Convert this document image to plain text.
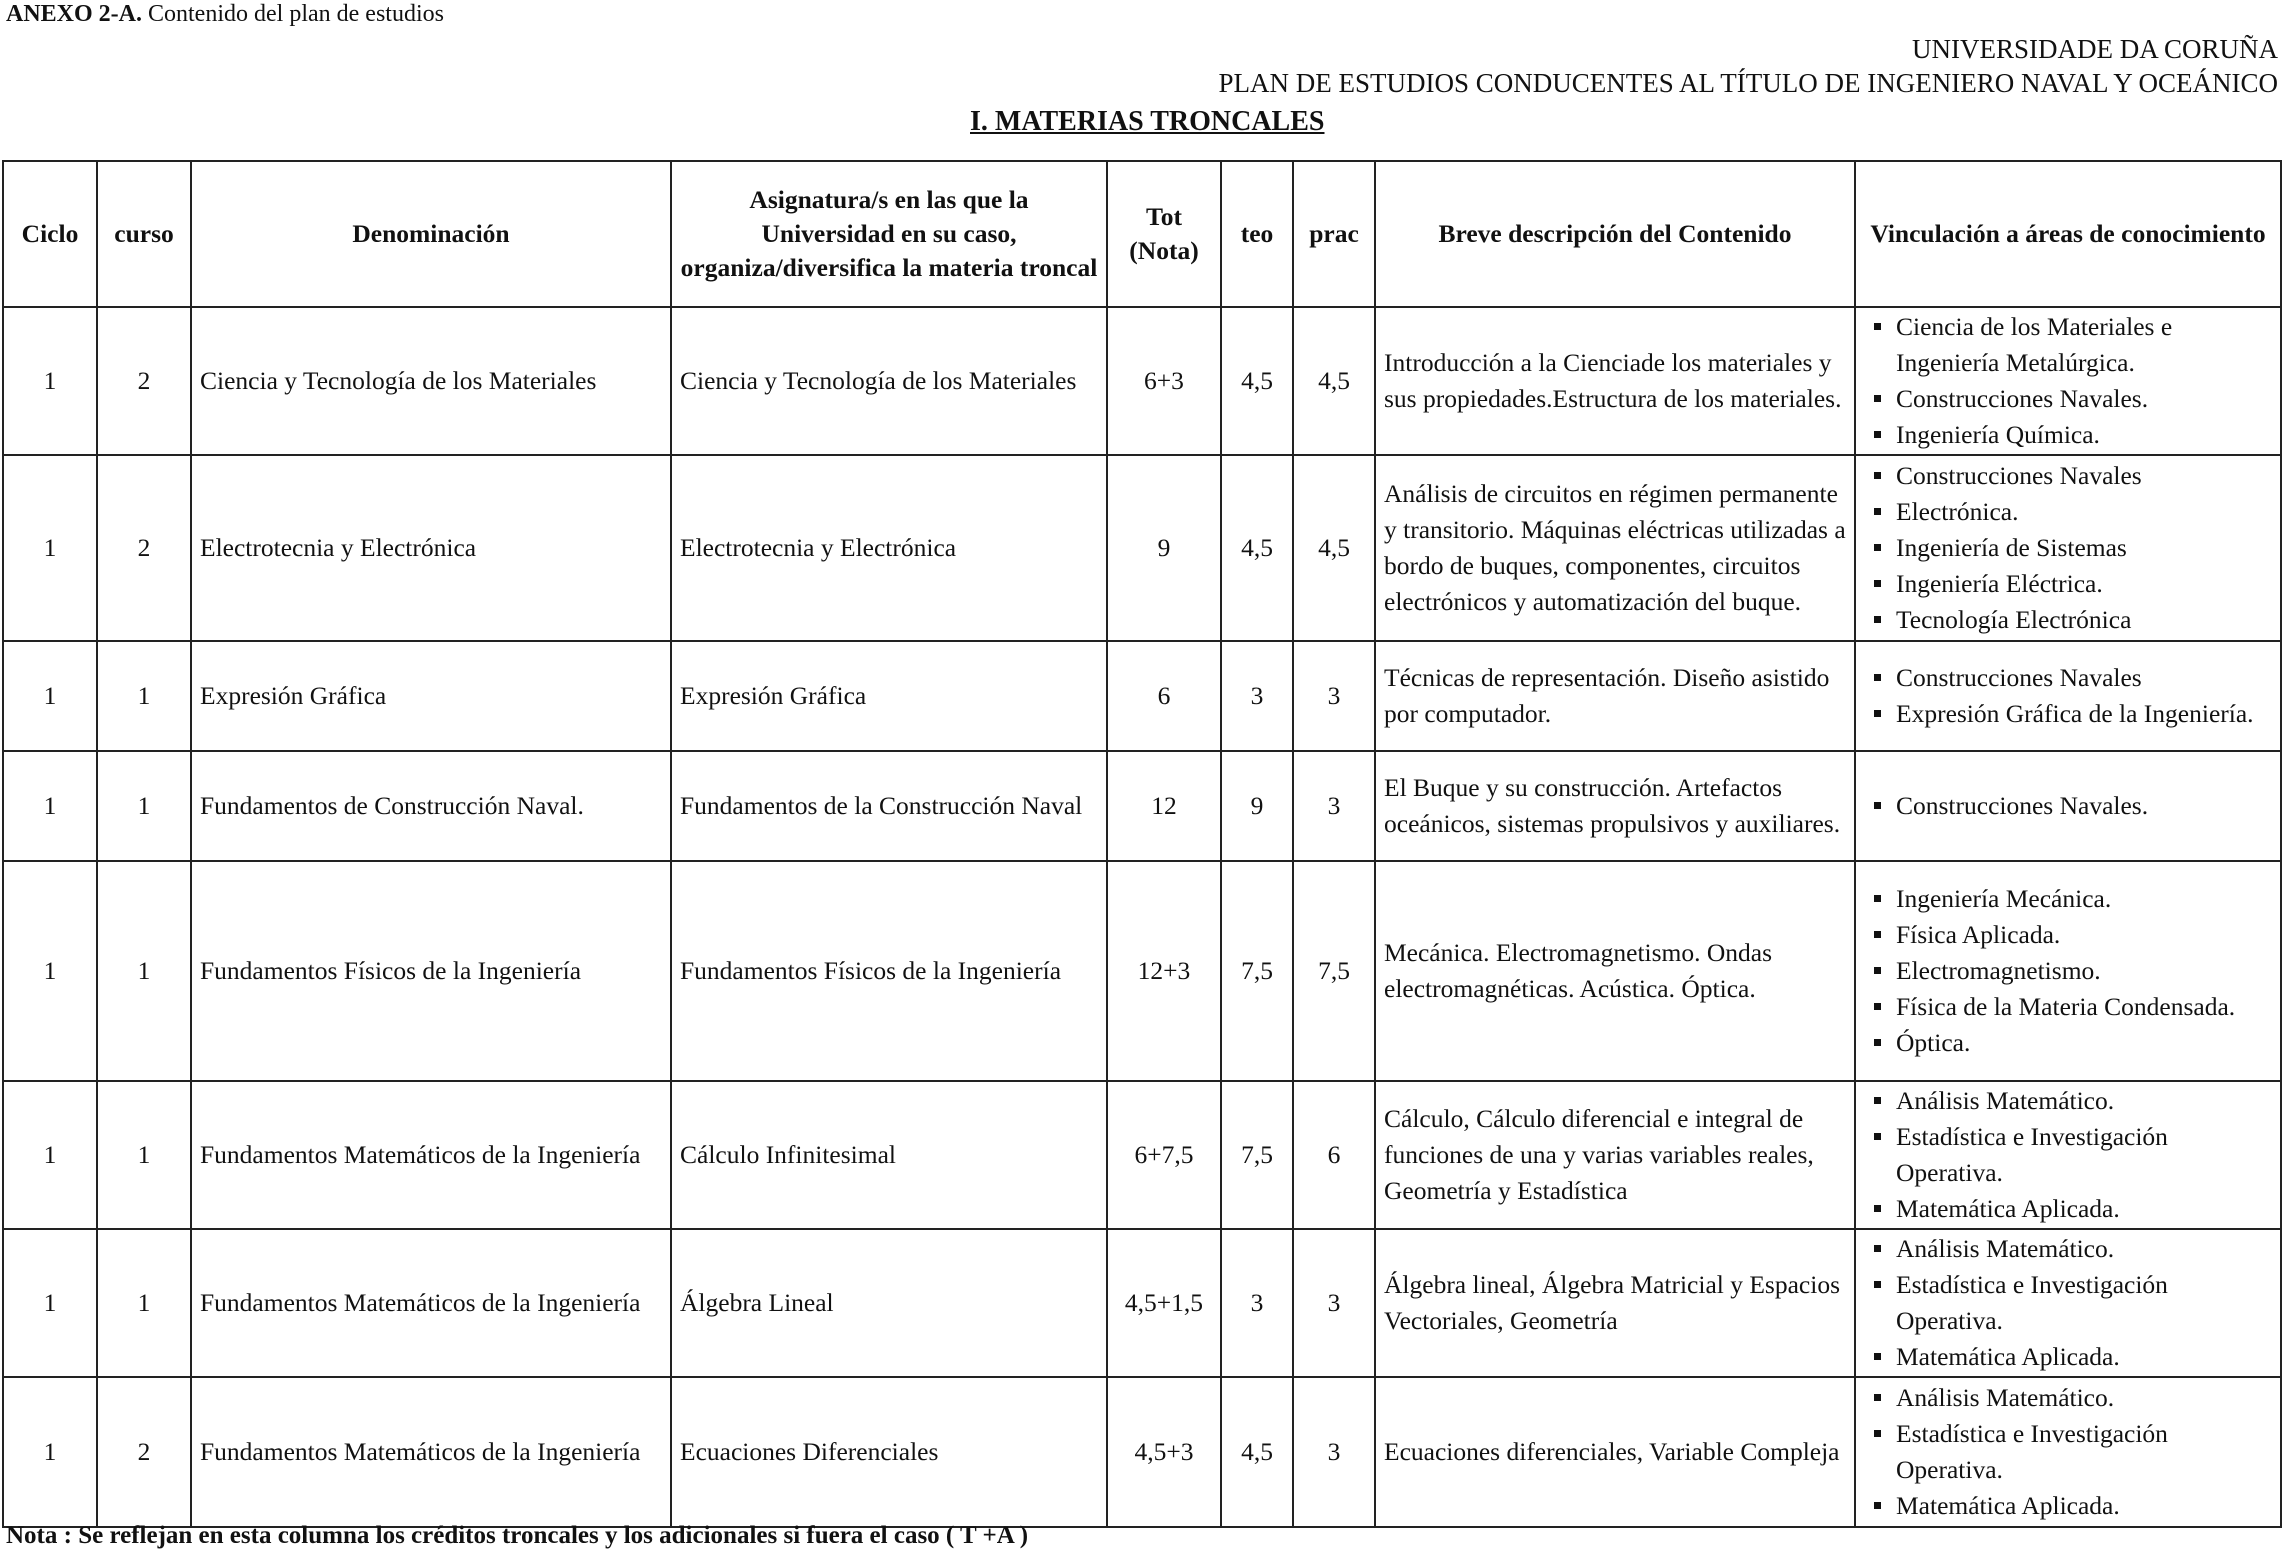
ANEXO 2-A. Contenido del plan de estudios
UNIVERSIDADE DA CORUÑA
PLAN DE ESTUDIOS CONDUCENTES AL TÍTULO DE INGENIERO NAVAL Y OCEÁNICO
I. MATERIAS TRONCALES
Ciclo	curso	Denominación	Asignatura/s en las que la Universidad en su caso, organiza/diversifica la materia troncal	Tot (Nota)	teo	prac	Breve descripción del Contenido	Vinculación a áreas de conocimiento
1	2	Ciencia y Tecnología de los Materiales	Ciencia y Tecnología de los Materiales	6+3	4,5	4,5	Introducción a la Cienciade los materiales y sus propiedades.Estructura de los materiales.	Ciencia de los Materiales e Ingeniería Metalúrgica.
Construcciones Navales.
Ingeniería Química.

1	2	Electrotecnia y Electrónica	Electrotecnia y Electrónica	9	4,5	4,5	Análisis de circuitos en régimen permanente y transitorio. Máquinas eléctricas utilizadas a bordo de buques, componentes, circuitos electrónicos y automatización del buque.	Construcciones Navales
Electrónica.
Ingeniería de Sistemas
Ingeniería Eléctrica.
Tecnología Electrónica

1	1	Expresión Gráfica	Expresión Gráfica	6	3	3	Técnicas de representación. Diseño asistido por computador.	Construcciones Navales
Expresión Gráfica de la Ingeniería.

1	1	Fundamentos de Construcción Naval.	Fundamentos de la Construcción Naval	12	9	3	El Buque y su construcción. Artefactos oceánicos, sistemas propulsivos y auxiliares.	Construcciones Navales.

1	1	Fundamentos Físicos de la Ingeniería	Fundamentos Físicos de la Ingeniería	12+3	7,5	7,5	Mecánica. Electromagnetismo. Ondas electromagnéticas. Acústica. Óptica.	Ingeniería Mecánica.
Física Aplicada.
Electromagnetismo.
Física de la Materia Condensada.
Óptica.

1	1	Fundamentos Matemáticos de la Ingeniería	Cálculo Infinitesimal	6+7,5	7,5	6	Cálculo, Cálculo diferencial e integral de funciones de una y varias variables reales, Geometría y Estadística	Análisis Matemático.
Estadística e Investigación Operativa.
Matemática Aplicada.

1	1	Fundamentos Matemáticos de la Ingeniería	Álgebra Lineal	4,5+1,5	3	3	Álgebra lineal, Álgebra Matricial y Espacios Vectoriales, Geometría	Análisis Matemático.
Estadística e Investigación Operativa.
Matemática Aplicada.

1	2	Fundamentos Matemáticos de la Ingeniería	Ecuaciones Diferenciales	4,5+3	4,5	3	Ecuaciones diferenciales, Variable Compleja	Análisis Matemático.
Estadística e Investigación Operativa.
Matemática Aplicada.
Nota : Se reflejan en esta columna los créditos troncales y los adicionales si fuera el caso ( T +A )
